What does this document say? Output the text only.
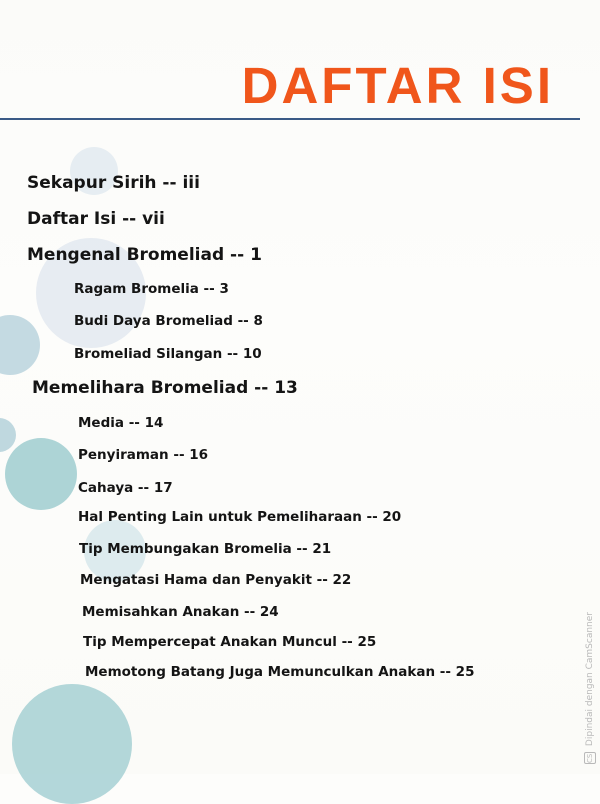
DAFTAR ISI
Sekapur Sirih -- iii
Daftar Isi -- vii
Mengenal Bromeliad -- 1
Ragam Bromelia -- 3
Budi Daya Bromeliad -- 8
Bromeliad Silangan -- 10
Memelihara Bromeliad -- 13
Media -- 14
Penyiraman -- 16
Cahaya -- 17
Hal Penting Lain untuk Pemeliharaan -- 20
Tip Membungakan Bromelia -- 21
Mengatasi Hama dan Penyakit -- 22
Memisahkan Anakan -- 24
Tip Mempercepat Anakan Muncul -- 25
Memotong Batang Juga Memunculkan Anakan -- 25
CS Dipindai dengan CamScanner
